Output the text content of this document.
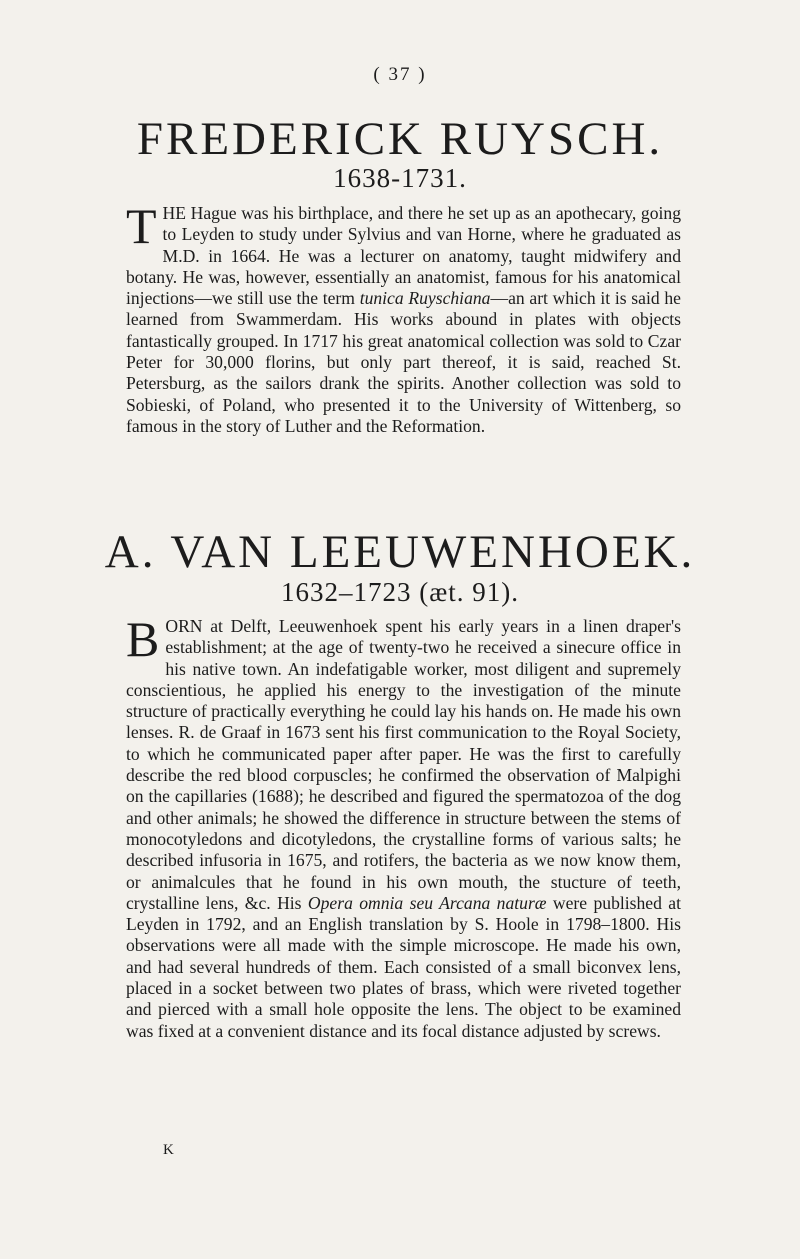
( 37 )
FREDERICK RUYSCH.
1638-1731.
T HE Hague was his birthplace, and there he set up as an apothecary, going to Leyden to study under Sylvius and van Horne, where he graduated as M.D. in 1664. He was a lecturer on anatomy, taught midwifery and botany. He was, however, essentially an anatomist, famous for his anatomical injections—we still use the term tunica Ruyschiana—an art which it is said he learned from Swammerdam. His works abound in plates with objects fantastically grouped. In 1717 his great anatomical collection was sold to Czar Peter for 30,000 florins, but only part thereof, it is said, reached St. Petersburg, as the sailors drank the spirits. Another collection was sold to Sobieski, of Poland, who presented it to the University of Wittenberg, so famous in the story of Luther and the Reformation.

A. VAN LEEUWENHOEK.
1632–1723 (æt. 91).
B ORN at Delft, Leeuwenhoek spent his early years in a linen draper's establishment; at the age of twenty-two he received a sinecure office in his native town. An indefatigable worker, most diligent and supremely conscientious, he applied his energy to the investigation of the minute structure of practically everything he could lay his hands on. He made his own lenses. R. de Graaf in 1673 sent his first communication to the Royal Society, to which he communicated paper after paper. He was the first to carefully describe the red blood corpuscles; he confirmed the observation of Malpighi on the capillaries (1688); he described and figured the spermatozoa of the dog and other animals; he showed the difference in structure between the stems of monocotyledons and dicotyledons, the crystalline forms of various salts; he described infusoria in 1675, and rotifers, the bacteria as we now know them, or animalcules that he found in his own mouth, the stucture of teeth, crystalline lens, &c. His Opera omnia seu Arcana naturæ were published at Leyden in 1792, and an English translation by S. Hoole in 1798–1800. His observations were all made with the simple microscope. He made his own, and had several hundreds of them. Each consisted of a small biconvex lens, placed in a socket between two plates of brass, which were riveted together and pierced with a small hole opposite the lens. The object to be examined was fixed at a convenient distance and its focal distance adjusted by screws.

K
